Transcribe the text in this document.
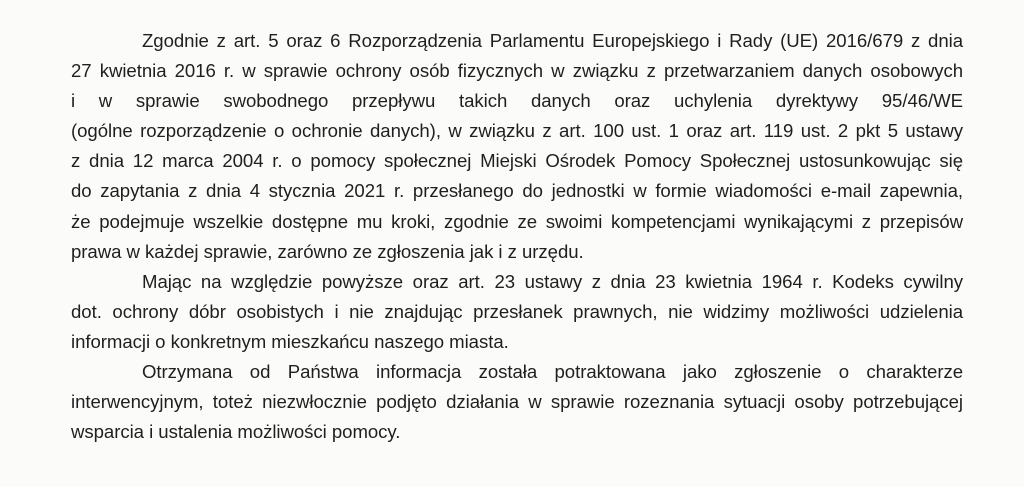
Zgodnie z art. 5 oraz 6 Rozporządzenia Parlamentu Europejskiego i Rady (UE) 2016/679 z dnia
27 kwietnia 2016 r. w sprawie ochrony osób fizycznych w związku z przetwarzaniem danych osobowych
i w sprawie swobodnego przepływu takich danych oraz uchylenia dyrektywy 95/46/WE
(ogólne rozporządzenie o ochronie danych), w związku z art. 100 ust. 1 oraz art. 119 ust. 2 pkt 5 ustawy
z dnia 12 marca 2004 r. o pomocy społecznej Miejski Ośrodek Pomocy Społecznej ustosunkowując się
do zapytania z dnia 4 stycznia 2021 r. przesłanego do jednostki w formie wiadomości e-mail zapewnia,
że podejmuje wszelkie dostępne mu kroki, zgodnie ze swoimi kompetencjami wynikającymi z przepisów
prawa w każdej sprawie, zarówno ze zgłoszenia jak i z urzędu.
Mając na względzie powyższe oraz art. 23 ustawy z dnia 23 kwietnia 1964 r. Kodeks cywilny
dot. ochrony dóbr osobistych i nie znajdując przesłanek prawnych, nie widzimy możliwości udzielenia
informacji o konkretnym mieszkańcu naszego miasta.
Otrzymana od Państwa informacja została potraktowana jako zgłoszenie o charakterze
interwencyjnym, toteż niezwłocznie podjęto działania w sprawie rozeznania sytuacji osoby potrzebującej
wsparcia i ustalenia możliwości pomocy.
